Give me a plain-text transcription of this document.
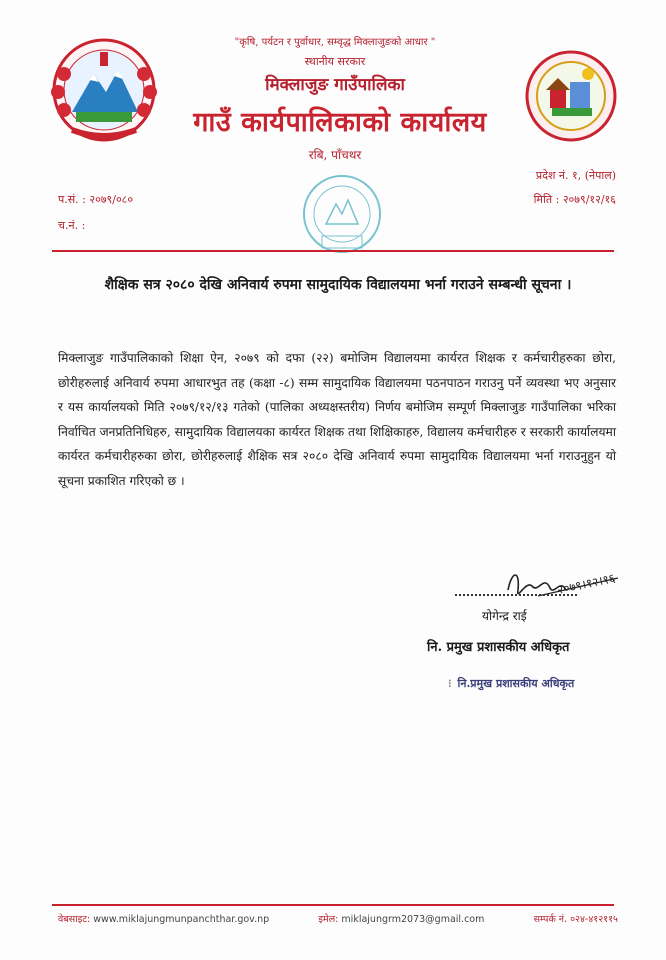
"कृषि, पर्यटन र पुर्वाधार, सम्वृद्ध मिक्लाजुङको आधार "
स्थानीय सरकार
मिक्लाजुङ गाउँपालिका
गाउँ कार्यपालिकाको कार्यालय
रबि, पाँचथर
प्रदेश नं. १, (नेपाल)
प.सं. : २०७९/०८०	मिति : २०७९/१२/१६
च.नं. :
शैक्षिक सत्र २०८० देखि अनिवार्य रुपमा सामुदायिक विद्यालयमा भर्ना गराउने सम्बन्धी सूचना ।
मिक्लाजुङ गाउँपालिकाको शिक्षा ऐन, २०७९ को दफा (२२) बमोजिम विद्यालयमा कार्यरत शिक्षक र कर्मचारीहरुका छोरा, छोरीहरुलाई अनिवार्य रुपमा आधारभुत तह (कक्षा -८) सम्म सामुदायिक विद्यालयमा पठनपाठन गराउनु पर्ने व्यवस्था भए अनुसार र यस कार्यालयको मिति २०७९/१२/१३ गतेको (पालिका अध्यक्षस्तरीय) निर्णय बमोजिम सम्पूर्ण मिक्लाजुङ गाउँपालिका भरिका निर्वाचित जनप्रतिनिधिहरु, सामुदायिक विद्यालयका कार्यरत शिक्षक तथा शिक्षिकाहरु, विद्यालय कर्मचारीहरु र सरकारी कार्यालयमा कार्यरत कर्मचारीहरुका छोरा, छोरीहरुलाई शैक्षिक सत्र २०८० देखि अनिवार्य रुपमा सामुदायिक विद्यालयमा भर्ना गराउनुहुन यो सूचना प्रकाशित गरिएको छ ।
२०७९।१२।१६
योगेन्द्र राई
नि. प्रमुख प्रशासकीय अधिकृत
⁝ नि.प्रमुख प्रशासकीय अधिकृत
वेबसाइट: www.miklajungmunpanchthar.gov.np	इमेल: miklajungrm2073@gmail.com	सम्पर्क नं. ०२४-४१२११५
